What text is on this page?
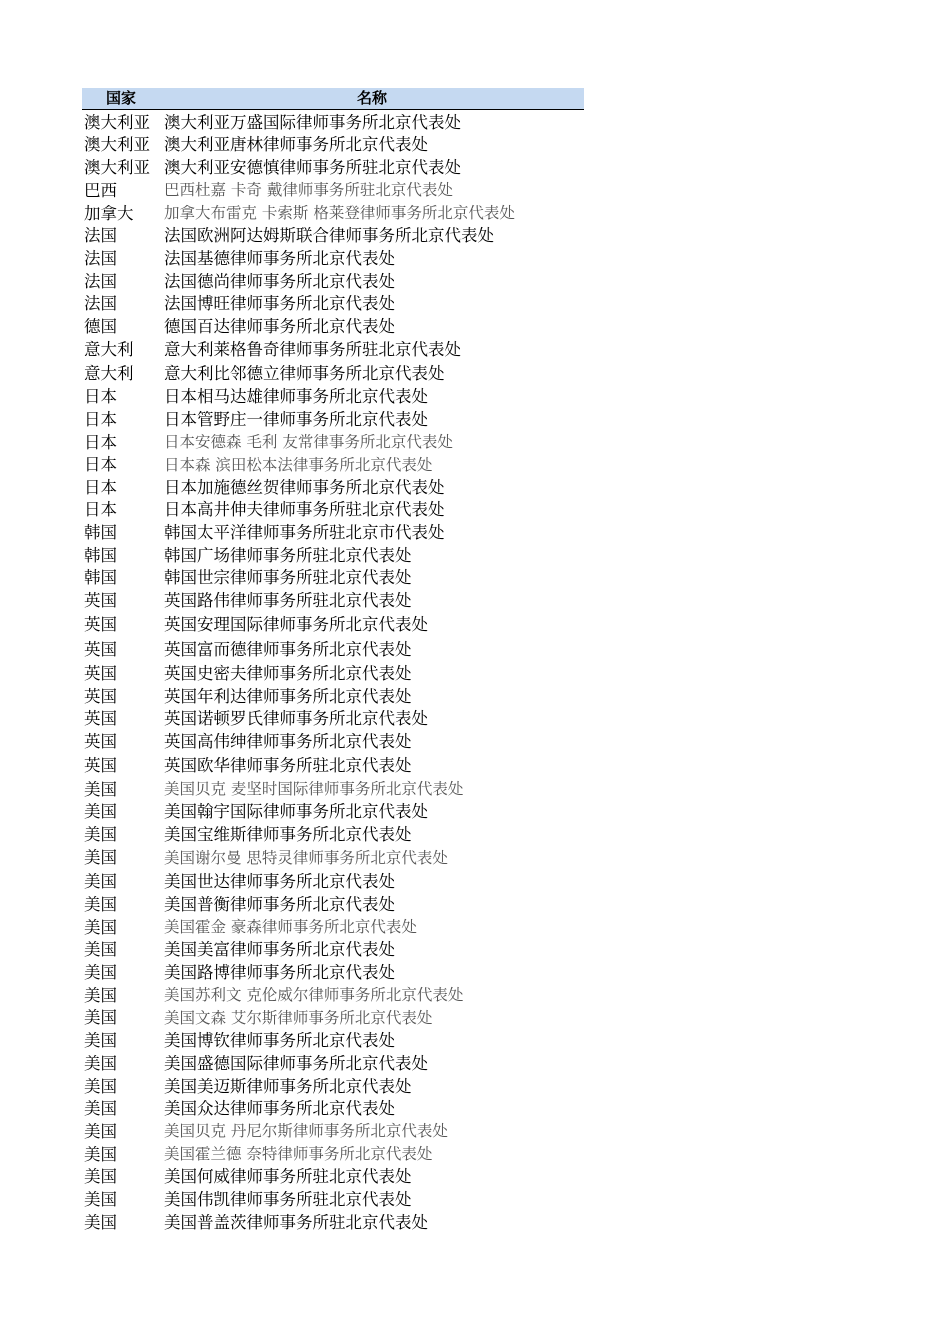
国家	名称
澳大利亚 澳大利亚万盛国际律师事务所北京代表处
澳大利亚 澳大利亚唐林律师事务所北京代表处
澳大利亚 澳大利亚安德慎律师事务所驻北京代表处
巴西	巴西杜嘉 卡奇 戴律师事务所驻北京代表处
加拿大	加拿大布雷克 卡索斯 格莱登律师事务所北京代表处
法国	法国欧洲阿达姆斯联合律师事务所北京代表处
法国	法国基德律师事务所北京代表处
法国	法国德尚律师事务所北京代表处
法国	法国博旺律师事务所北京代表处
德国	德国百达律师事务所北京代表处
意大利	意大利莱格鲁奇律师事务所驻北京代表处
意大利	意大利比邻德立律师事务所北京代表处
日本	日本相马达雄律师事务所北京代表处
日本	日本管野庄一律师事务所北京代表处
日本	日本安德森 毛利 友常律事务所北京代表处
日本	日本森 滨田松本法律事务所北京代表处
日本	日本加施德丝贺律师事务所北京代表处
日本	日本高井伸夫律师事务所驻北京代表处
韩国	韩国太平洋律师事务所驻北京市代表处
韩国	韩国广场律师事务所驻北京代表处
韩国	韩国世宗律师事务所驻北京代表处
英国	英国路伟律师事务所驻北京代表处
英国	英国安理国际律师事务所北京代表处
英国	英国富而德律师事务所北京代表处
英国	英国史密夫律师事务所北京代表处
英国	英国年利达律师事务所北京代表处
英国	英国诺顿罗氏律师事务所北京代表处
英国	英国高伟绅律师事务所北京代表处
英国	英国欧华律师事务所驻北京代表处
美国	美国贝克 麦坚时国际律师事务所北京代表处
美国	美国翰宇国际律师事务所北京代表处
美国	美国宝维斯律师事务所北京代表处
美国	美国谢尔曼 思特灵律师事务所北京代表处
美国	美国世达律师事务所北京代表处
美国	美国普衡律师事务所北京代表处
美国	美国霍金 豪森律师事务所北京代表处
美国	美国美富律师事务所北京代表处
美国	美国路博律师事务所北京代表处
美国	美国苏利文 克伦威尔律师事务所北京代表处
美国	美国文森 艾尔斯律师事务所北京代表处
美国	美国博钦律师事务所北京代表处
美国	美国盛德国际律师事务所北京代表处
美国	美国美迈斯律师事务所北京代表处
美国	美国众达律师事务所北京代表处
美国	美国贝克 丹尼尔斯律师事务所北京代表处
美国	美国霍兰德 奈特律师事务所北京代表处
美国	美国何威律师事务所驻北京代表处
美国	美国伟凯律师事务所驻北京代表处
美国	美国普盖茨律师事务所驻北京代表处
